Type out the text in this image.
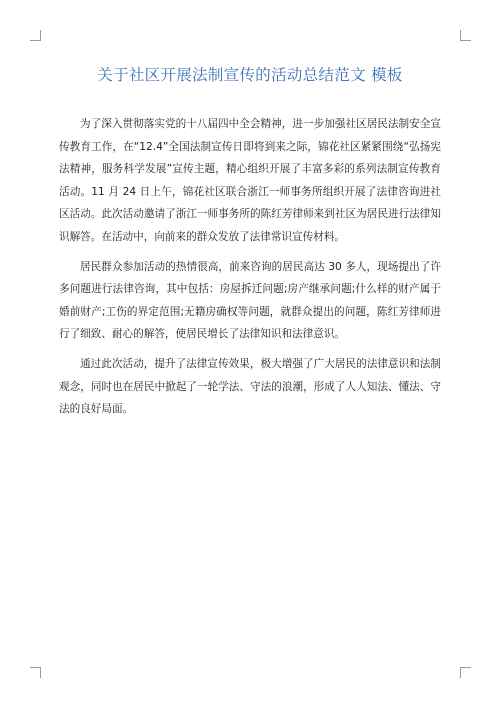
关于社区开展法制宣传的活动总结范文 模板

为了深入贯彻落实党的十八届四中全会精神，进一步加强社区居民法制安全宣传教育工作，在“12.4”全国法制宣传日即将到来之际，锦花社区紧紧围绕“弘扬宪法精神，服务科学发展”宣传主题，精心组织开展了丰富多彩的系列法制宣传教育活动。11 月 24 日上午，锦花社区联合浙江一师事务所组织开展了法律咨询进社区活动。此次活动邀请了浙江一师事务所的陈红芳律师来到社区为居民进行法律知识解答。在活动中，向前来的群众发放了法律常识宣传材料。

居民群众参加活动的热情很高，前来咨询的居民高达 30 多人，现场提出了许多问题进行法律咨询，其中包括：房屋拆迁问题;房产继承问题;什么样的财产属于婚前财产;工伤的界定范围;无籍房确权等问题，就群众提出的问题，陈红芳律师进行了细致、耐心的解答，使居民增长了法律知识和法律意识。

通过此次活动，提升了法律宣传效果，极大增强了广大居民的法律意识和法制观念，同时也在居民中掀起了一轮学法、守法的浪潮，形成了人人知法、懂法、守法的良好局面。
